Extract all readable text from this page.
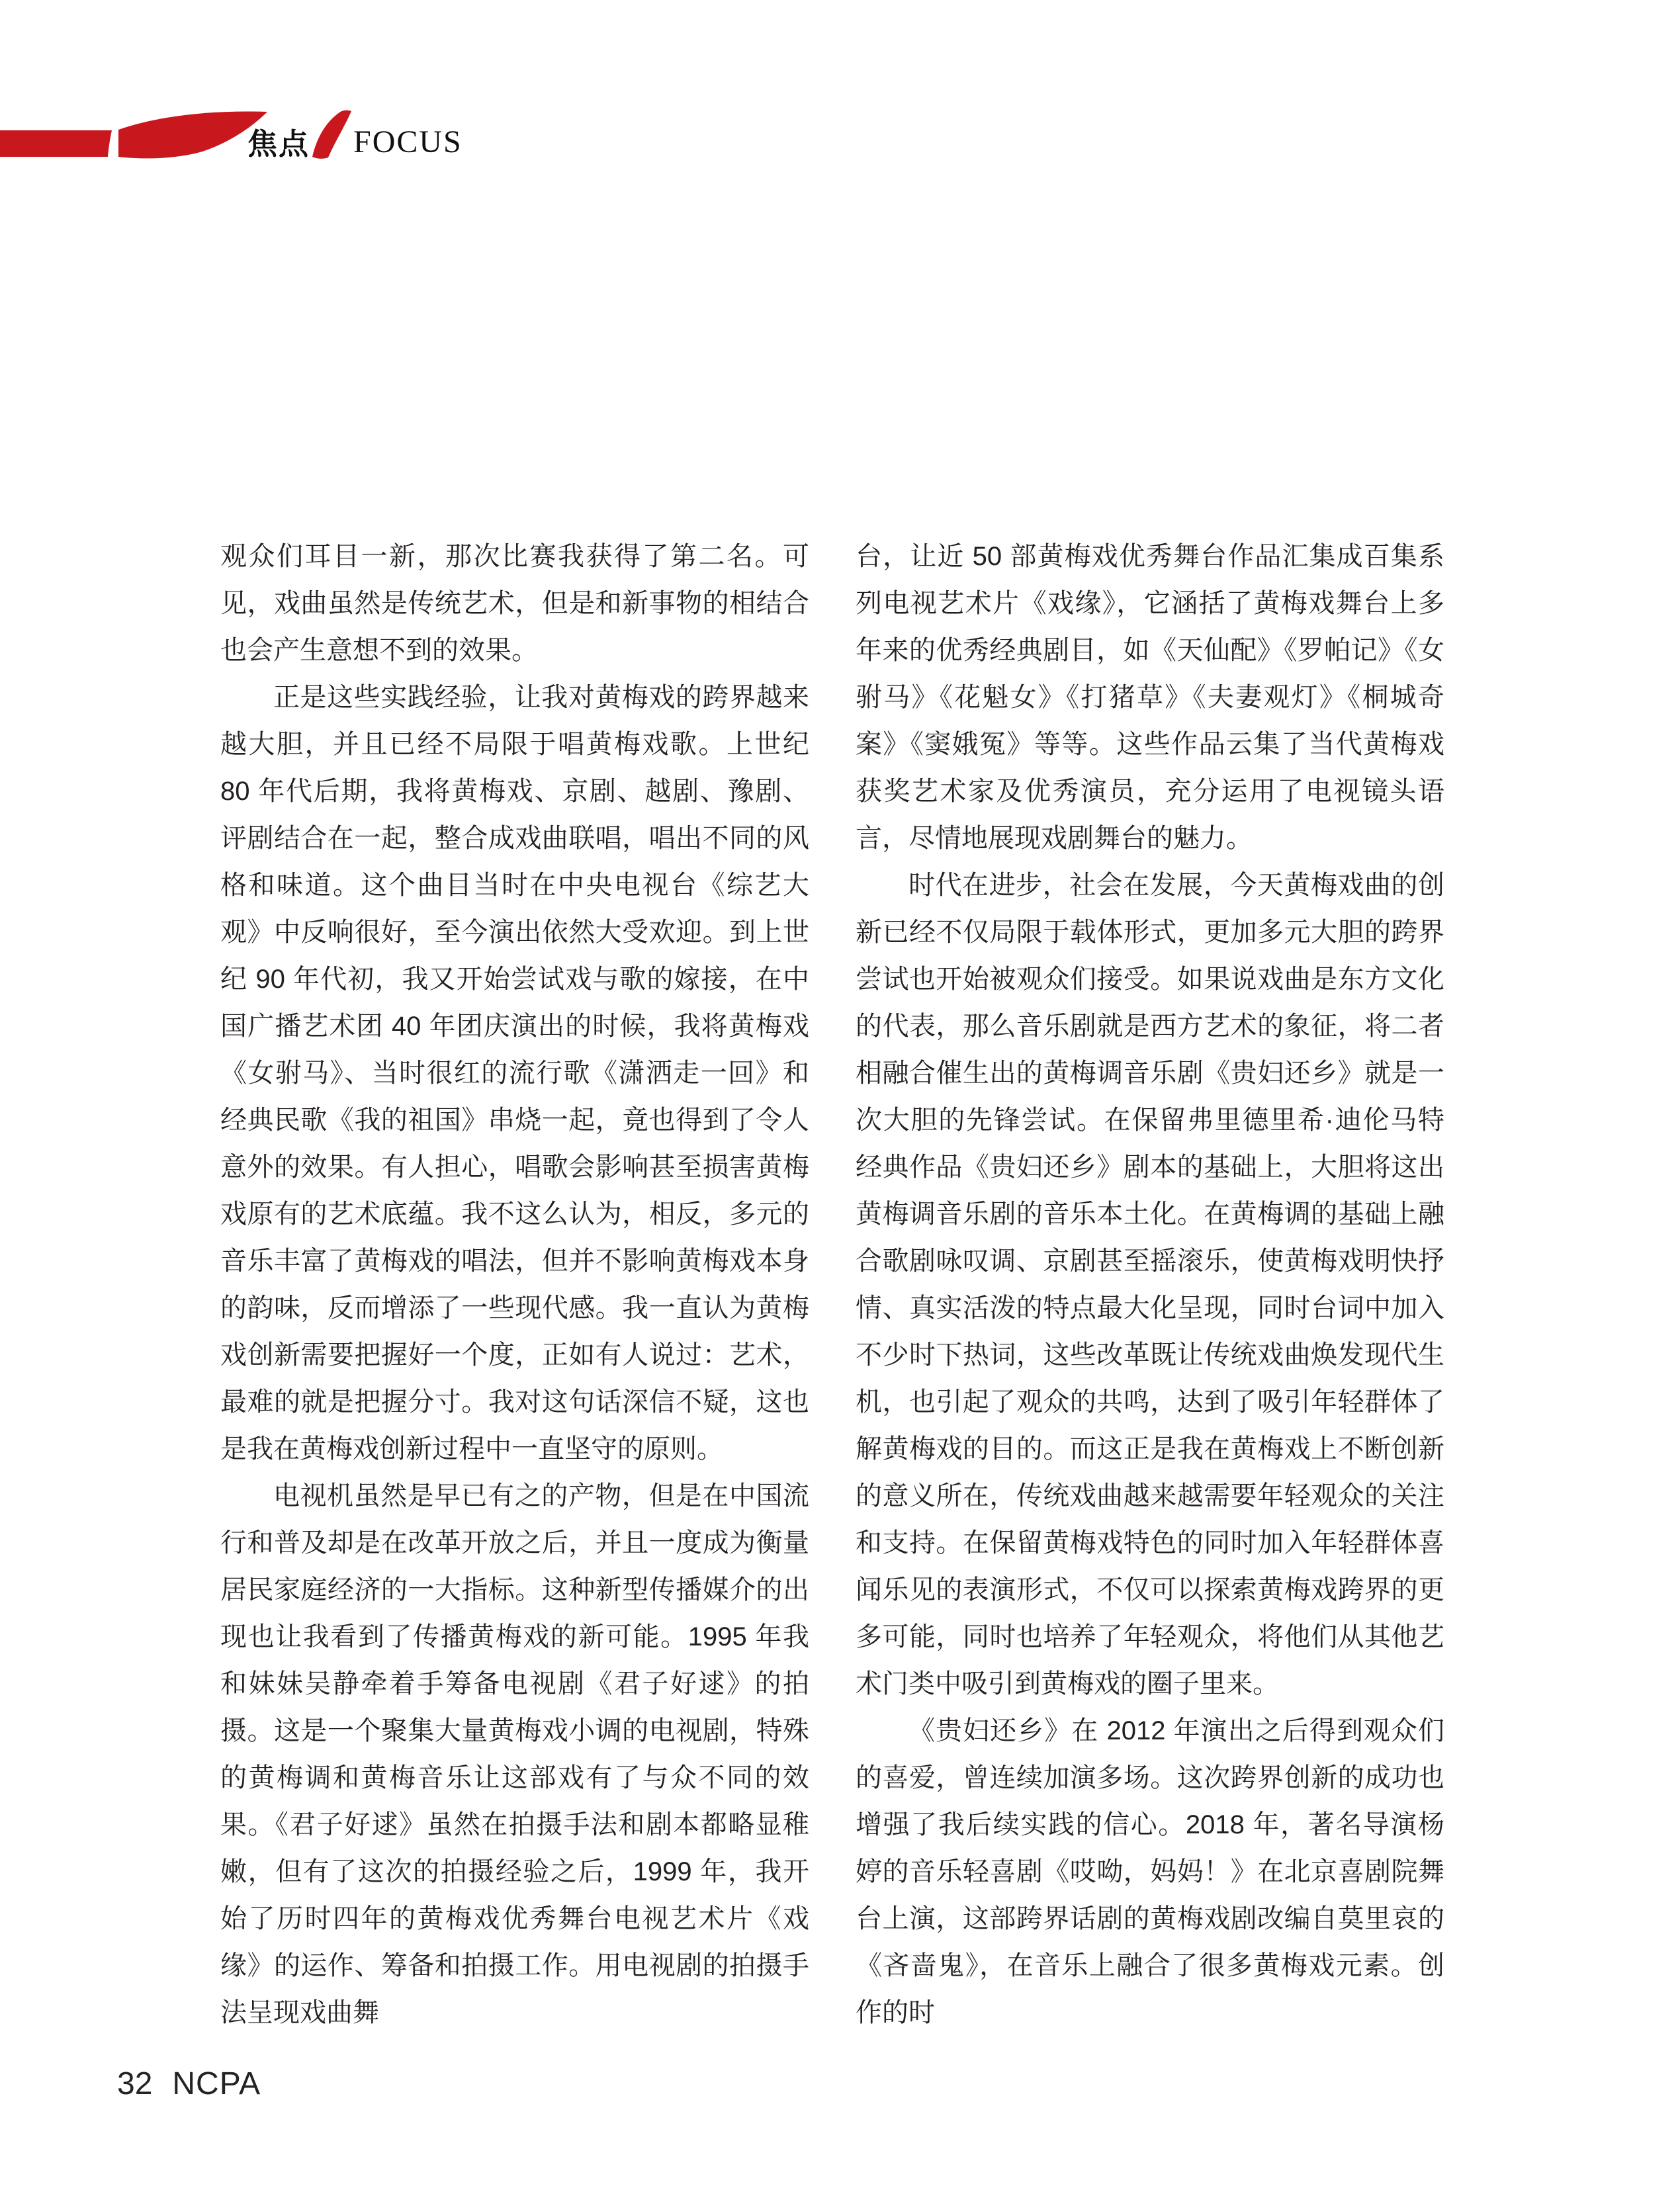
焦点 FOCUS

观众们耳目一新，那次比赛我获得了第二名。可见，戏曲虽然是传统艺术，但是和新事物的相结合也会产生意想不到的效果。

正是这些实践经验，让我对黄梅戏的跨界越来越大胆，并且已经不局限于唱黄梅戏歌。上世纪 80 年代后期，我将黄梅戏、京剧、越剧、豫剧、评剧结合在一起，整合成戏曲联唱，唱出不同的风格和味道。这个曲目当时在中央电视台《综艺大观》中反响很好，至今演出依然大受欢迎。到上世纪 90 年代初，我又开始尝试戏与歌的嫁接，在中国广播艺术团 40 年团庆演出的时候，我将黄梅戏《女驸马》、当时很红的流行歌《潇洒走一回》和经典民歌《我的祖国》串烧一起，竟也得到了令人意外的效果。有人担心，唱歌会影响甚至损害黄梅戏原有的艺术底蕴。我不这么认为，相反，多元的音乐丰富了黄梅戏的唱法，但并不影响黄梅戏本身的韵味，反而增添了一些现代感。我一直认为黄梅戏创新需要把握好一个度，正如有人说过：艺术，最难的就是把握分寸。我对这句话深信不疑，这也是我在黄梅戏创新过程中一直坚守的原则。

电视机虽然是早已有之的产物，但是在中国流行和普及却是在改革开放之后，并且一度成为衡量居民家庭经济的一大指标。这种新型传播媒介的出现也让我看到了传播黄梅戏的新可能。1995 年我和妹妹吴静牵着手筹备电视剧《君子好逑》的拍摄。这是一个聚集大量黄梅戏小调的电视剧，特殊的黄梅调和黄梅音乐让这部戏有了与众不同的效果。《君子好逑》虽然在拍摄手法和剧本都略显稚嫩，但有了这次的拍摄经验之后，1999 年，我开始了历时四年的黄梅戏优秀舞台电视艺术片《戏缘》的运作、筹备和拍摄工作。用电视剧的拍摄手法呈现戏曲舞

台，让近 50 部黄梅戏优秀舞台作品汇集成百集系列电视艺术片《戏缘》，它涵括了黄梅戏舞台上多年来的优秀经典剧目，如《天仙配》《罗帕记》《女驸马》《花魁女》《打猪草》《夫妻观灯》《桐城奇案》《窦娥冤》等等。这些作品云集了当代黄梅戏获奖艺术家及优秀演员，充分运用了电视镜头语言，尽情地展现戏剧舞台的魅力。

时代在进步，社会在发展，今天黄梅戏曲的创新已经不仅局限于载体形式，更加多元大胆的跨界尝试也开始被观众们接受。如果说戏曲是东方文化的代表，那么音乐剧就是西方艺术的象征，将二者相融合催生出的黄梅调音乐剧《贵妇还乡》就是一次大胆的先锋尝试。在保留弗里德里希·迪伦马特经典作品《贵妇还乡》剧本的基础上，大胆将这出黄梅调音乐剧的音乐本土化。在黄梅调的基础上融合歌剧咏叹调、京剧甚至摇滚乐，使黄梅戏明快抒情、真实活泼的特点最大化呈现，同时台词中加入不少时下热词，这些改革既让传统戏曲焕发现代生机，也引起了观众的共鸣，达到了吸引年轻群体了解黄梅戏的目的。而这正是我在黄梅戏上不断创新的意义所在，传统戏曲越来越需要年轻观众的关注和支持。在保留黄梅戏特色的同时加入年轻群体喜闻乐见的表演形式，不仅可以探索黄梅戏跨界的更多可能，同时也培养了年轻观众，将他们从其他艺术门类中吸引到黄梅戏的圈子里来。

《贵妇还乡》在 2012 年演出之后得到观众们的喜爱，曾连续加演多场。这次跨界创新的成功也增强了我后续实践的信心。2018 年，著名导演杨婷的音乐轻喜剧《哎呦，妈妈！》在北京喜剧院舞台上演，这部跨界话剧的黄梅戏剧改编自莫里哀的《吝啬鬼》，在音乐上融合了很多黄梅戏元素。创作的时

32 NCPA
